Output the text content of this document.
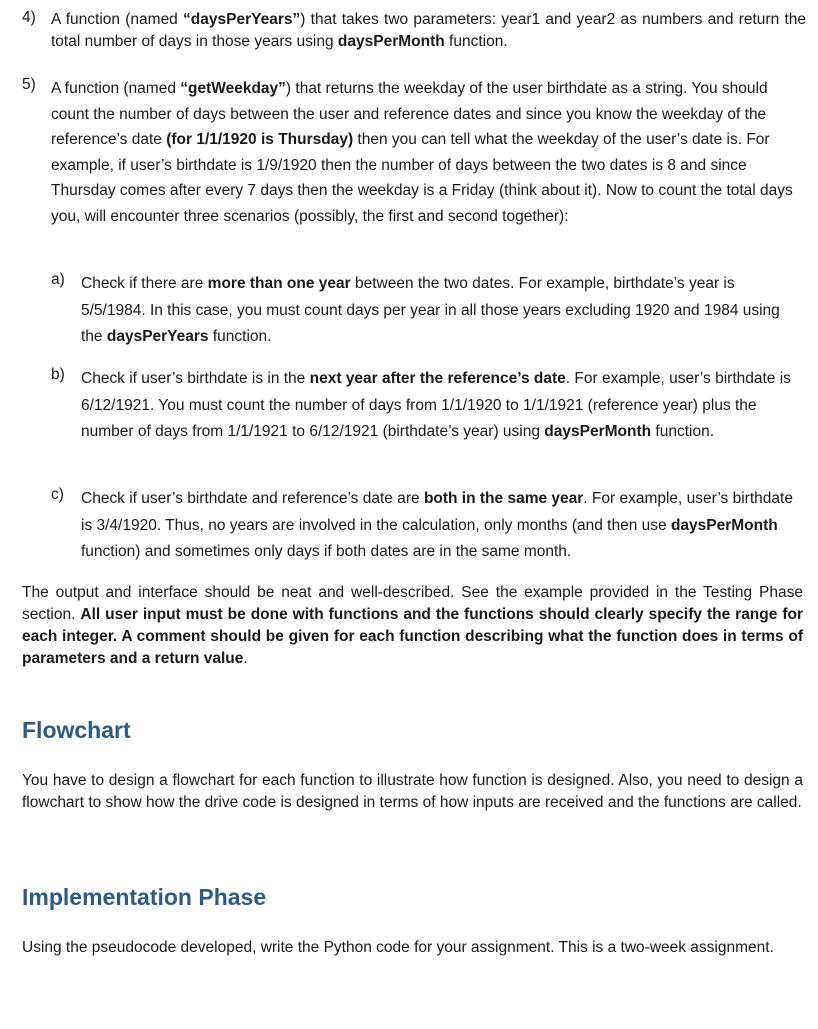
4) A function (named “daysPerYears”) that takes two parameters: year1 and year2 as numbers and return the total number of days in those years using daysPerMonth function.
5) A function (named “getWeekday”) that returns the weekday of the user birthdate as a string. You should count the number of days between the user and reference dates and since you know the weekday of the reference’s date (for 1/1/1920 is Thursday) then you can tell what the weekday of the user’s date is. For example, if user’s birthdate is 1/9/1920 then the number of days between the two dates is 8 and since Thursday comes after every 7 days then the weekday is a Friday (think about it). Now to count the total days you, will encounter three scenarios (possibly, the first and second together):
a) Check if there are more than one year between the two dates. For example, birthdate’s year is 5/5/1984. In this case, you must count days per year in all those years excluding 1920 and 1984 using the daysPerYears function.
b) Check if user’s birthdate is in the next year after the reference’s date. For example, user’s birthdate is 6/12/1921. You must count the number of days from 1/1/1920 to 1/1/1921 (reference year) plus the number of days from 1/1/1921 to 6/12/1921 (birthdate’s year) using daysPerMonth function.
c) Check if user’s birthdate and reference’s date are both in the same year. For example, user’s birthdate is 3/4/1920. Thus, no years are involved in the calculation, only months (and then use daysPerMonth function) and sometimes only days if both dates are in the same month.
The output and interface should be neat and well-described. See the example provided in the Testing Phase section. All user input must be done with functions and the functions should clearly specify the range for each integer. A comment should be given for each function describing what the function does in terms of parameters and a return value.
Flowchart
You have to design a flowchart for each function to illustrate how function is designed. Also, you need to design a flowchart to show how the drive code is designed in terms of how inputs are received and the functions are called.
Implementation Phase
Using the pseudocode developed, write the Python code for your assignment. This is a two-week assignment.
